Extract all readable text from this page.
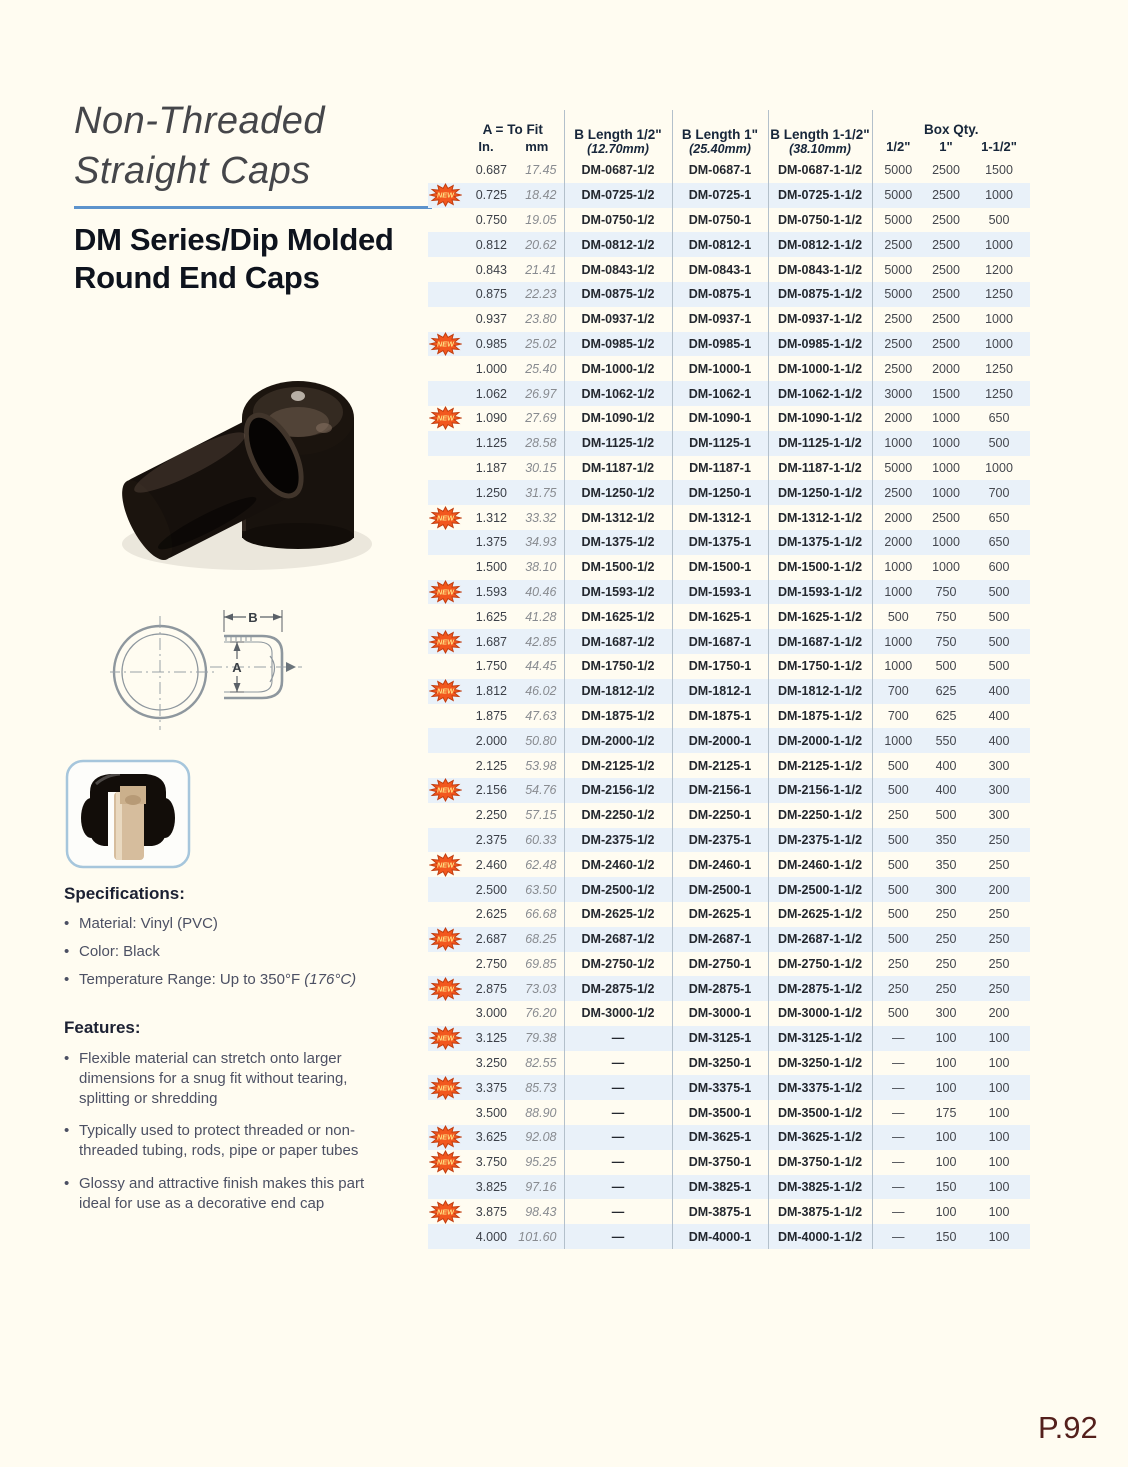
Non-Threaded
Straight Caps
DM Series/Dip Molded
Round End Caps
B
A
Specifications:
• Material: Vinyl (PVC)
• Color: Black
• Temperature Range: Up to 350°F (176°C)
Features:
• Flexible material can stretch onto larger dimensions for a snug fit without tearing, splitting or shredding
• Typically used to protect threaded or non-threaded tubing, rods, pipe or paper tubes
• Glossy and attractive finish makes this part ideal for use as a decorative end cap
	A = To Fit	B Length 1/2"
(12.70mm)

B Length 1"
(25.40mm)

B Length 1-1/2"
(38.10mm)
	Box Qty.
	In.	mm				1/2"	1"	1-1/2"
	0.687	17.45	DM-0687-1/2	DM-0687-1	DM-0687-1-1/2	5000	2500	1500

NEW	0.725	18.42	DM-0725-1/2	DM-0725-1	DM-0725-1-1/2	5000	2500	1000
	0.750	19.05	DM-0750-1/2	DM-0750-1	DM-0750-1-1/2	5000	2500	500
	0.812	20.62	DM-0812-1/2	DM-0812-1	DM-0812-1-1/2	2500	2500	1000
	0.843	21.41	DM-0843-1/2	DM-0843-1	DM-0843-1-1/2	5000	2500	1200
	0.875	22.23	DM-0875-1/2	DM-0875-1	DM-0875-1-1/2	5000	2500	1250
	0.937	23.80	DM-0937-1/2	DM-0937-1	DM-0937-1-1/2	2500	2500	1000

NEW	0.985	25.02	DM-0985-1/2	DM-0985-1	DM-0985-1-1/2	2500	2500	1000
	1.000	25.40	DM-1000-1/2	DM-1000-1	DM-1000-1-1/2	2500	2000	1250
	1.062	26.97	DM-1062-1/2	DM-1062-1	DM-1062-1-1/2	3000	1500	1250

NEW	1.090	27.69	DM-1090-1/2	DM-1090-1	DM-1090-1-1/2	2000	1000	650
	1.125	28.58	DM-1125-1/2	DM-1125-1	DM-1125-1-1/2	1000	1000	500
	1.187	30.15	DM-1187-1/2	DM-1187-1	DM-1187-1-1/2	5000	1000	1000
	1.250	31.75	DM-1250-1/2	DM-1250-1	DM-1250-1-1/2	2500	1000	700

NEW	1.312	33.32	DM-1312-1/2	DM-1312-1	DM-1312-1-1/2	2000	2500	650
	1.375	34.93	DM-1375-1/2	DM-1375-1	DM-1375-1-1/2	2000	1000	650
	1.500	38.10	DM-1500-1/2	DM-1500-1	DM-1500-1-1/2	1000	1000	600

NEW	1.593	40.46	DM-1593-1/2	DM-1593-1	DM-1593-1-1/2	1000	750	500
	1.625	41.28	DM-1625-1/2	DM-1625-1	DM-1625-1-1/2	500	750	500

NEW	1.687	42.85	DM-1687-1/2	DM-1687-1	DM-1687-1-1/2	1000	750	500
	1.750	44.45	DM-1750-1/2	DM-1750-1	DM-1750-1-1/2	1000	500	500

NEW	1.812	46.02	DM-1812-1/2	DM-1812-1	DM-1812-1-1/2	700	625	400
	1.875	47.63	DM-1875-1/2	DM-1875-1	DM-1875-1-1/2	700	625	400
	2.000	50.80	DM-2000-1/2	DM-2000-1	DM-2000-1-1/2	1000	550	400
	2.125	53.98	DM-2125-1/2	DM-2125-1	DM-2125-1-1/2	500	400	300

NEW	2.156	54.76	DM-2156-1/2	DM-2156-1	DM-2156-1-1/2	500	400	300
	2.250	57.15	DM-2250-1/2	DM-2250-1	DM-2250-1-1/2	250	500	300
	2.375	60.33	DM-2375-1/2	DM-2375-1	DM-2375-1-1/2	500	350	250

NEW	2.460	62.48	DM-2460-1/2	DM-2460-1	DM-2460-1-1/2	500	350	250
	2.500	63.50	DM-2500-1/2	DM-2500-1	DM-2500-1-1/2	500	300	200
	2.625	66.68	DM-2625-1/2	DM-2625-1	DM-2625-1-1/2	500	250	250

NEW	2.687	68.25	DM-2687-1/2	DM-2687-1	DM-2687-1-1/2	500	250	250
	2.750	69.85	DM-2750-1/2	DM-2750-1	DM-2750-1-1/2	250	250	250

NEW	2.875	73.03	DM-2875-1/2	DM-2875-1	DM-2875-1-1/2	250	250	250
	3.000	76.20	DM-3000-1/2	DM-3000-1	DM-3000-1-1/2	500	300	200

NEW	3.125	79.38	—	DM-3125-1	DM-3125-1-1/2	—	100	100
	3.250	82.55	—	DM-3250-1	DM-3250-1-1/2	—	100	100

NEW	3.375	85.73	—	DM-3375-1	DM-3375-1-1/2	—	100	100
	3.500	88.90	—	DM-3500-1	DM-3500-1-1/2	—	175	100

NEW	3.625	92.08	—	DM-3625-1	DM-3625-1-1/2	—	100	100

NEW	3.750	95.25	—	DM-3750-1	DM-3750-1-1/2	—	100	100
	3.825	97.16	—	DM-3825-1	DM-3825-1-1/2	—	150	100

NEW	3.875	98.43	—	DM-3875-1	DM-3875-1-1/2	—	100	100
	4.000	101.60	—	DM-4000-1	DM-4000-1-1/2	—	150	100
P.92
